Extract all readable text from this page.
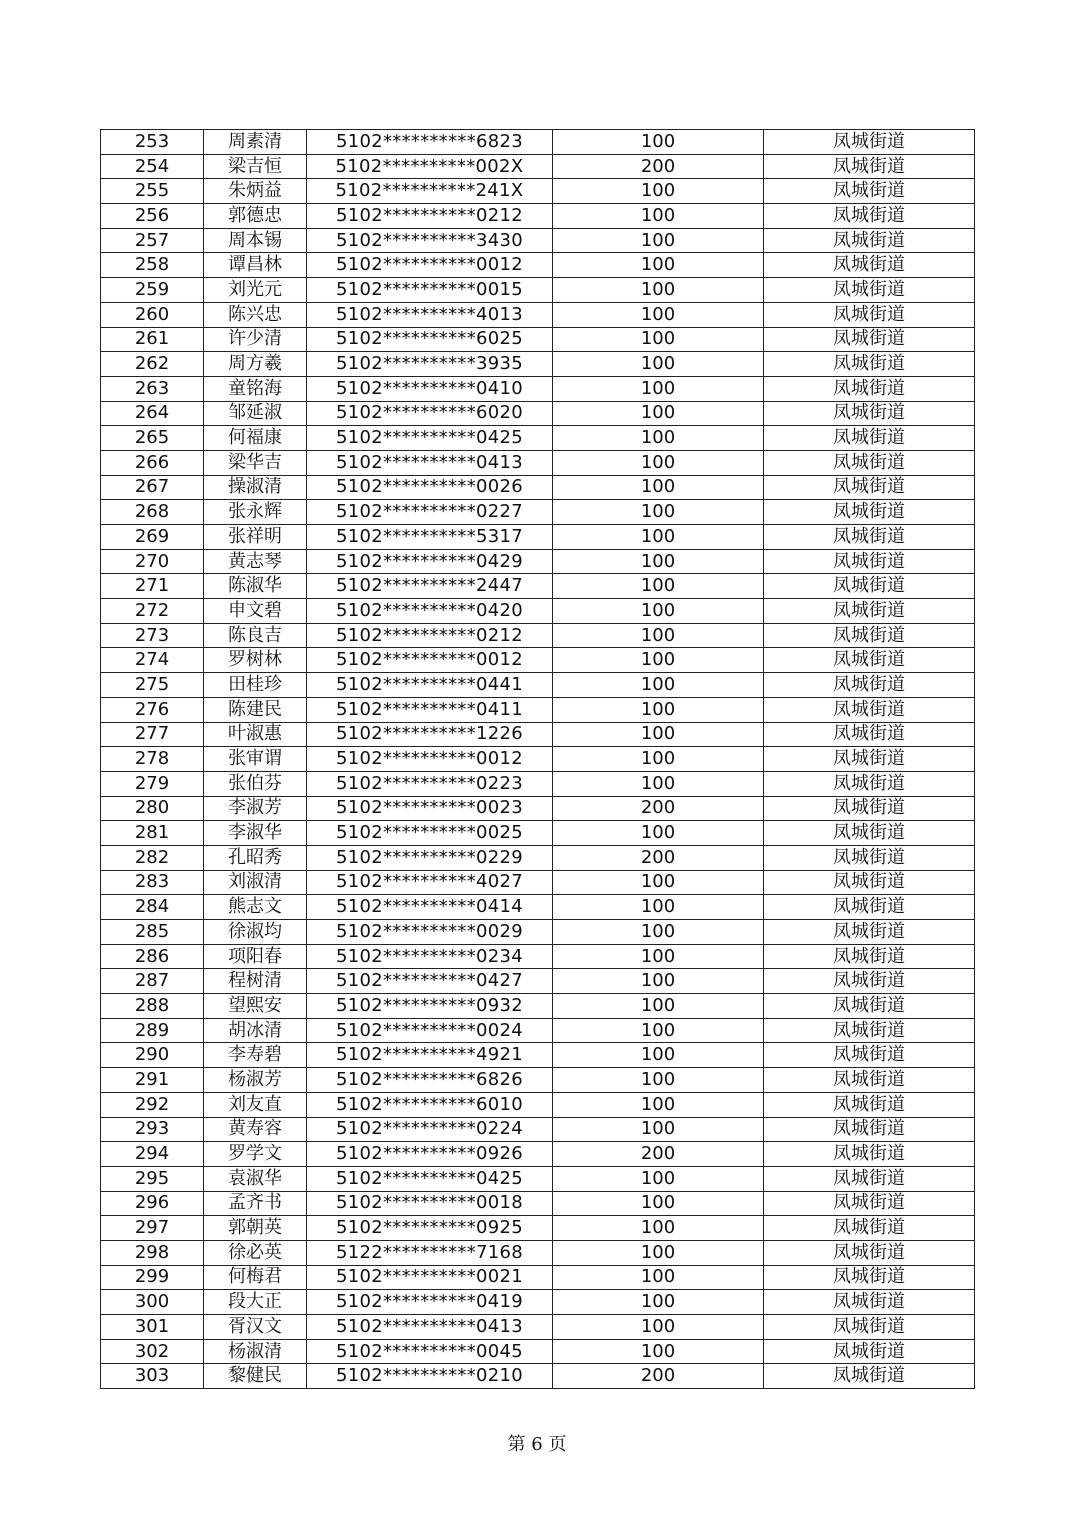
253	周素清	5102**********6823	100	凤城街道
254	梁吉恒	5102**********002X	200	凤城街道
255	朱炳益	5102**********241X	100	凤城街道
256	郭德忠	5102**********0212	100	凤城街道
257	周本锡	5102**********3430	100	凤城街道
258	谭昌林	5102**********0012	100	凤城街道
259	刘光元	5102**********0015	100	凤城街道
260	陈兴忠	5102**********4013	100	凤城街道
261	许少清	5102**********6025	100	凤城街道
262	周方羲	5102**********3935	100	凤城街道
263	童铭海	5102**********0410	100	凤城街道
264	邹延淑	5102**********6020	100	凤城街道
265	何福康	5102**********0425	100	凤城街道
266	梁华吉	5102**********0413	100	凤城街道
267	操淑清	5102**********0026	100	凤城街道
268	张永辉	5102**********0227	100	凤城街道
269	张祥明	5102**********5317	100	凤城街道
270	黄志琴	5102**********0429	100	凤城街道
271	陈淑华	5102**********2447	100	凤城街道
272	申文碧	5102**********0420	100	凤城街道
273	陈良吉	5102**********0212	100	凤城街道
274	罗树林	5102**********0012	100	凤城街道
275	田桂珍	5102**********0441	100	凤城街道
276	陈建民	5102**********0411	100	凤城街道
277	叶淑惠	5102**********1226	100	凤城街道
278	张审谓	5102**********0012	100	凤城街道
279	张伯芬	5102**********0223	100	凤城街道
280	李淑芳	5102**********0023	200	凤城街道
281	李淑华	5102**********0025	100	凤城街道
282	孔昭秀	5102**********0229	200	凤城街道
283	刘淑清	5102**********4027	100	凤城街道
284	熊志文	5102**********0414	100	凤城街道
285	徐淑均	5102**********0029	100	凤城街道
286	项阳春	5102**********0234	100	凤城街道
287	程树清	5102**********0427	100	凤城街道
288	望熙安	5102**********0932	100	凤城街道
289	胡冰清	5102**********0024	100	凤城街道
290	李寿碧	5102**********4921	100	凤城街道
291	杨淑芳	5102**********6826	100	凤城街道
292	刘友直	5102**********6010	100	凤城街道
293	黄寿容	5102**********0224	100	凤城街道
294	罗学文	5102**********0926	200	凤城街道
295	袁淑华	5102**********0425	100	凤城街道
296	孟齐书	5102**********0018	100	凤城街道
297	郭朝英	5102**********0925	100	凤城街道
298	徐必英	5122**********7168	100	凤城街道
299	何梅君	5102**********0021	100	凤城街道
300	段大正	5102**********0419	100	凤城街道
301	胥汉文	5102**********0413	100	凤城街道
302	杨淑清	5102**********0045	100	凤城街道
303	黎健民	5102**********0210	200	凤城街道
第 6 页
